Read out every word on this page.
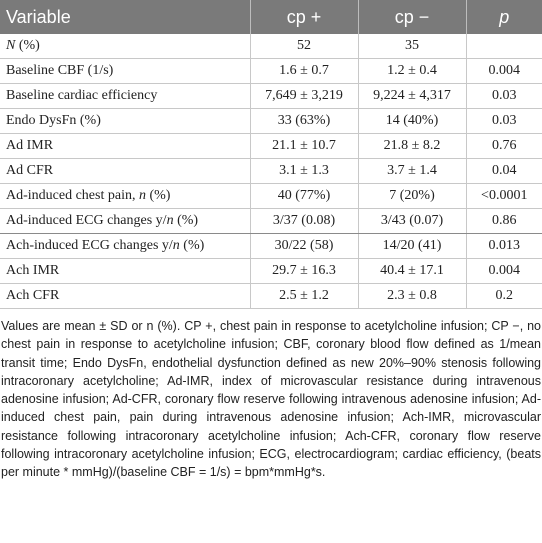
Variable	cp +	cp −	p
N (%)	52	35	
Baseline CBF (1/s)	1.6 ± 0.7	1.2 ± 0.4	0.004
Baseline cardiac efficiency	7,649 ± 3,219	9,224 ± 4,317	0.03
Endo DysFn (%)	33 (63%)	14 (40%)	0.03
Ad IMR	21.1 ± 10.7	21.8 ± 8.2	0.76
Ad CFR	3.1 ± 1.3	3.7 ± 1.4	0.04
Ad-induced chest pain, n (%)	40 (77%)	7 (20%)	<0.0001
Ad-induced ECG changes y/n (%)	3/37 (0.08)	3/43 (0.07)	0.86
Ach-induced ECG changes y/n (%)	30/22 (58)	14/20 (41)	0.013
Ach IMR	29.7 ± 16.3	40.4 ± 17.1	0.004
Ach CFR	2.5 ± 1.2	2.3 ± 0.8	0.2
Values are mean ± SD or n (%). CP +, chest pain in response to acetylcholine infusion; CP −, no chest pain in response to acetylcholine infusion; CBF, coronary blood flow defined as 1/mean transit time; Endo DysFn, endothelial dysfunction defined as new 20%–90% stenosis following intracoronary acetylcholine; Ad-IMR, index of microvascular resistance during intravenous adenosine infusion; Ad-CFR, coronary flow reserve following intravenous adenosine infusion; Ad-induced chest pain, pain during intravenous adenosine infusion; Ach-IMR, microvascular resistance following intracoronary acetylcholine infusion; Ach-CFR, coronary flow reserve following intracoronary acetylcholine infusion; ECG, electrocardiogram; cardiac efficiency, (beats per minute * mmHg)/(baseline CBF = 1/s) = bpm*mmHg*s.
